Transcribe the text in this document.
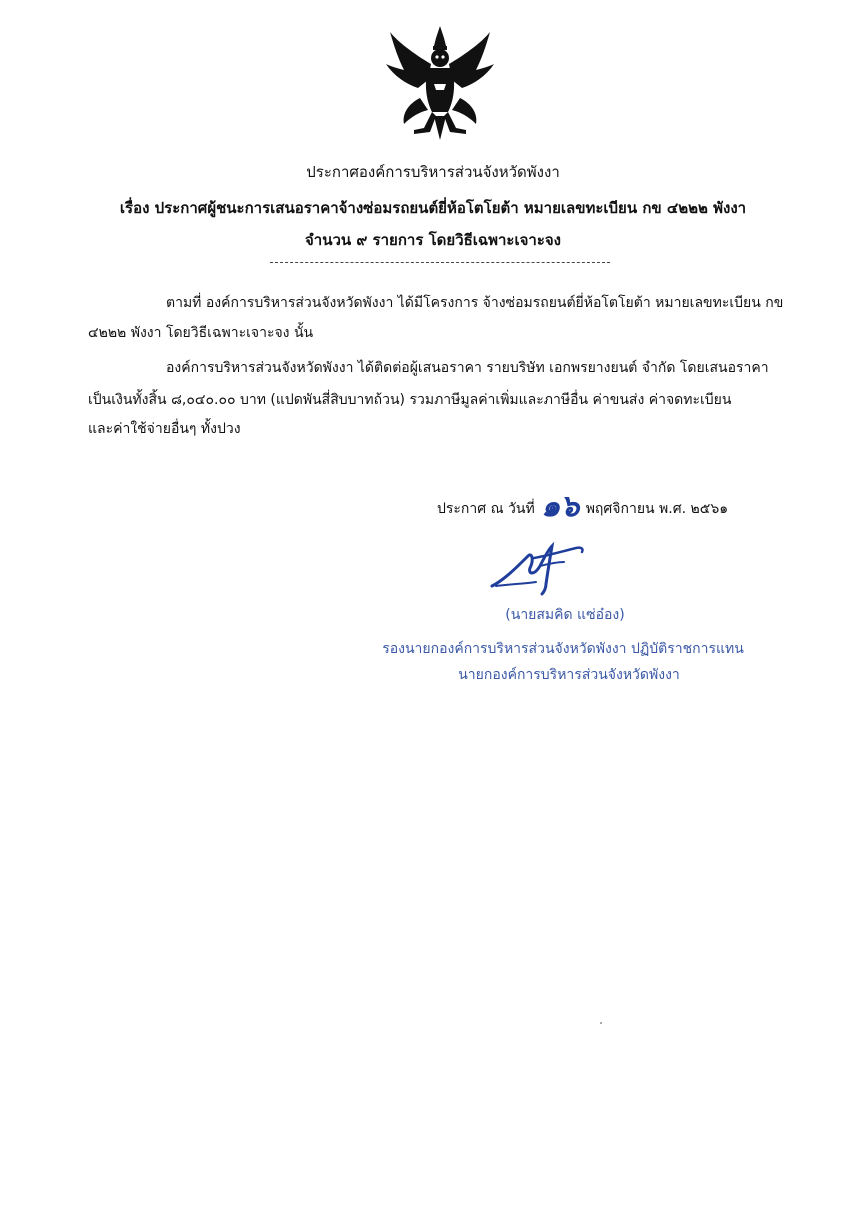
ประกาศองค์การบริหารส่วนจังหวัดพังงา
เรื่อง ประกาศผู้ชนะการเสนอราคาจ้างซ่อมรถยนต์ยี่ห้อโตโยต้า หมายเลขทะเบียน กข ๔๒๒๒ พังงา
จำนวน ๙ รายการ โดยวิธีเฉพาะเจาะจง
ตามที่ องค์การบริหารส่วนจังหวัดพังงา ได้มีโครงการ จ้างซ่อมรถยนต์ยี่ห้อโตโยต้า หมายเลขทะเบียน กข
๔๒๒๒ พังงา โดยวิธีเฉพาะเจาะจง นั้น
องค์การบริหารส่วนจังหวัดพังงา ได้ติดต่อผู้เสนอราคา รายบริษัท เอกพรยางยนต์ จำกัด โดยเสนอราคา
เป็นเงินทั้งสิ้น ๘,๐๔๐.๐๐ บาท (แปดพันสี่สิบบาทถ้วน) รวมภาษีมูลค่าเพิ่มและภาษีอื่น ค่าขนส่ง ค่าจดทะเบียน
และค่าใช้จ่ายอื่นๆ ทั้งปวง
ประกาศ ณ วันที่ ๑๖ พฤศจิกายน พ.ศ. ๒๕๖๑
(นายสมคิด แซ่อ๋อง)
รองนายกองค์การบริหารส่วนจังหวัดพังงา ปฏิบัติราชการแทน
นายกองค์การบริหารส่วนจังหวัดพังงา
